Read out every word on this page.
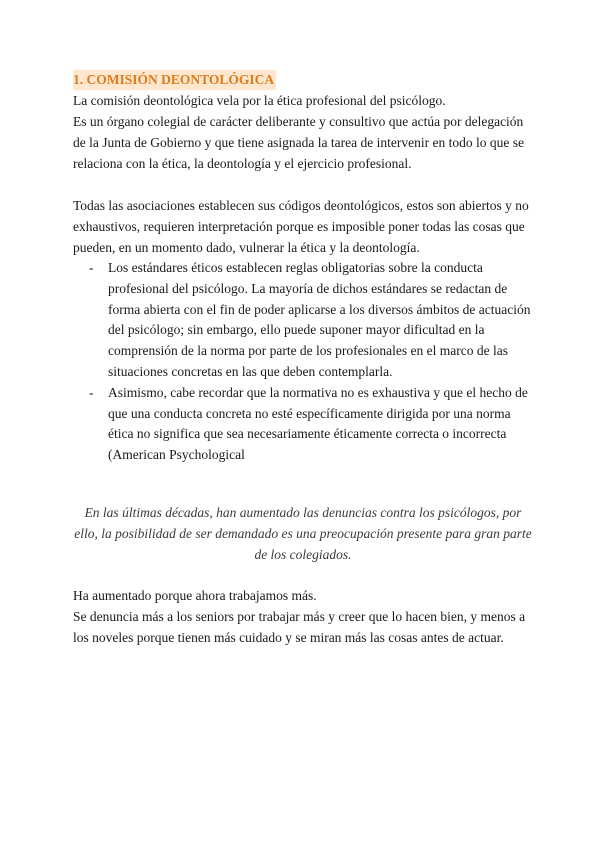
1. COMISIÓN DEONTOLÓGICA

La comisión deontológica vela por la ética profesional del psicólogo.

Es un órgano colegial de carácter deliberante y consultivo que actúa por delegación de la Junta de Gobierno y que tiene asignada la tarea de intervenir en todo lo que se relaciona con la ética, la deontología y el ejercicio profesional.

Todas las asociaciones establecen sus códigos deontológicos, estos son abiertos y no exhaustivos, requieren interpretación porque es imposible poner todas las cosas que pueden, en un momento dado, vulnerar la ética y la deontología.

- Los estándares éticos establecen reglas obligatorias sobre la conducta profesional del psicólogo. La mayoría de dichos estándares se redactan de forma abierta con el fin de poder aplicarse a los diversos ámbitos de actuación del psicólogo; sin embargo, ello puede suponer mayor dificultad en la comprensión de la norma por parte de los profesionales en el marco de las situaciones concretas en las que deben contemplarla.
- Asimismo, cabe recordar que la normativa no es exhaustiva y que el hecho de que una conducta concreta no esté específicamente dirigida por una norma ética no significa que sea necesariamente éticamente correcta o incorrecta (American Psychological

En las últimas décadas, han aumentado las denuncias contra los psicólogos, por ello, la posibilidad de ser demandado es una preocupación presente para gran parte de los colegiados.

Ha aumentado porque ahora trabajamos más.

Se denuncia más a los seniors por trabajar más y creer que lo hacen bien, y menos a los noveles porque tienen más cuidado y se miran más las cosas antes de actuar.
